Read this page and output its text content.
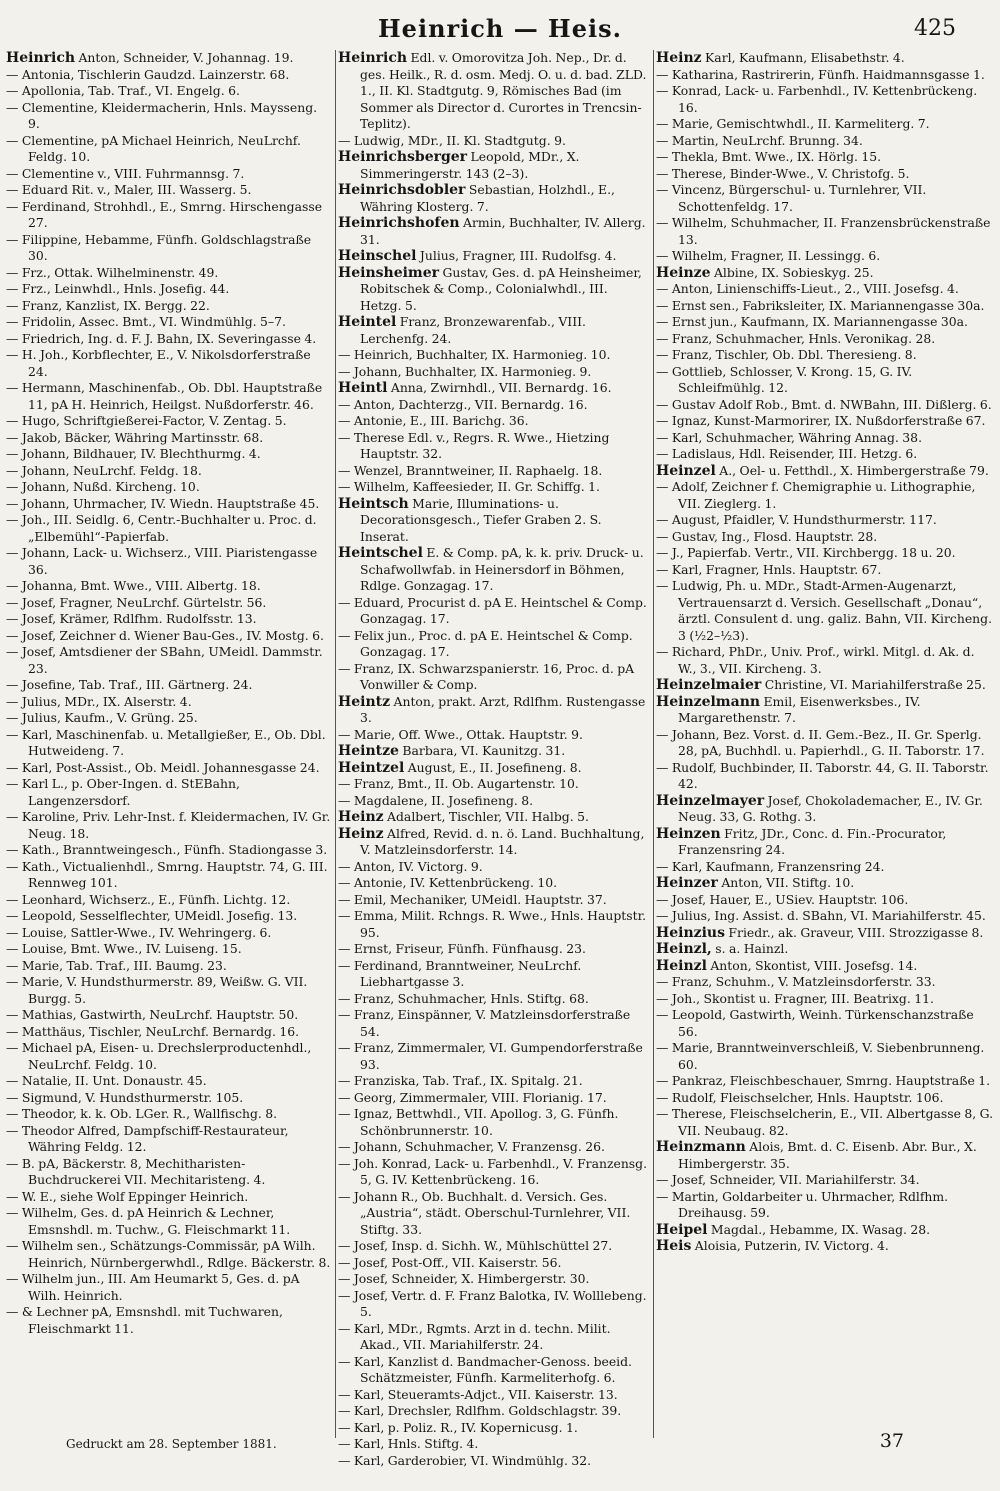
Heinrich — Heis.	425

Heinrich Anton, Schneider, V. Johannag. 19.

— Antonia, Tischlerin Gaudzd. Lainzerstr. 68.

— Apollonia, Tab. Traf., VI. Engelg. 6.

— Clementine, Kleidermacherin, Hnls. Maysseng. 9.

— Clementine, pA Michael Heinrich, NeuLrchf. Feldg. 10.

— Clementine v., VIII. Fuhrmannsg. 7.

— Eduard Rit. v., Maler, III. Wasserg. 5.

— Ferdinand, Strohhdl., E., Smrng. Hirschengasse 27.

— Filippine, Hebamme, Fünfh. Goldschlagstraße 30.

— Frz., Ottak. Wilhelminenstr. 49.

— Frz., Leinwhdl., Hnls. Josefig. 44.

— Franz, Kanzlist, IX. Bergg. 22.

— Fridolin, Assec. Bmt., VI. Windmühlg. 5–7.

— Friedrich, Ing. d. F. J. Bahn, IX. Severingasse 4.

— H. Joh., Korbflechter, E., V. Nikolsdorferstraße 24.

— Hermann, Maschinenfab., Ob. Dbl. Hauptstraße 11, pA H. Heinrich, Heilgst. Nußdorferstr. 46.

— Hugo, Schriftgießerei-Factor, V. Zentag. 5.

— Jakob, Bäcker, Währing Martinsstr. 68.

— Johann, Bildhauer, IV. Blechthurmg. 4.

— Johann, NeuLrchf. Feldg. 18.

— Johann, Nußd. Kircheng. 10.

— Johann, Uhrmacher, IV. Wiedn. Hauptstraße 45.

— Joh., III. Seidlg. 6, Centr.-Buchhalter u. Proc. d. „Elbemühl“-Papierfab.

— Johann, Lack- u. Wichserz., VIII. Piaristengasse 36.

— Johanna, Bmt. Wwe., VIII. Albertg. 18.

— Josef, Fragner, NeuLrchf. Gürtelstr. 56.

— Josef, Krämer, Rdlfhm. Rudolfsstr. 13.

— Josef, Zeichner d. Wiener Bau-Ges., IV. Mostg. 6.

— Josef, Amtsdiener der SBahn, UMeidl. Dammstr. 23.

— Josefine, Tab. Traf., III. Gärtnerg. 24.

— Julius, MDr., IX. Alserstr. 4.

— Julius, Kaufm., V. Grüng. 25.

— Karl, Maschinenfab. u. Metallgießer, E., Ob. Dbl. Hutweideng. 7.

— Karl, Post-Assist., Ob. Meidl. Johannesgasse 24.

— Karl L., p. Ober-Ingen. d. StEBahn, Langenzersdorf.

— Karoline, Priv. Lehr-Inst. f. Kleidermachen, IV. Gr. Neug. 18.

— Kath., Branntweingesch., Fünfh. Stadiongasse 3.

— Kath., Victualienhdl., Smrng. Hauptstr. 74, G. III. Rennweg 101.

— Leonhard, Wichserz., E., Fünfh. Lichtg. 12.

— Leopold, Sesselflechter, UMeidl. Josefig. 13.

— Louise, Sattler-Wwe., IV. Wehringerg. 6.

— Louise, Bmt. Wwe., IV. Luiseng. 15.

— Marie, Tab. Traf., III. Baumg. 23.

— Marie, V. Hundsthurmerstr. 89, Weißw. G. VII. Burgg. 5.

— Mathias, Gastwirth, NeuLrchf. Hauptstr. 50.

— Matthäus, Tischler, NeuLrchf. Bernardg. 16.

— Michael pA, Eisen- u. Drechslerproductenhdl., NeuLrchf. Feldg. 10.

— Natalie, II. Unt. Donaustr. 45.

— Sigmund, V. Hundsthurmerstr. 105.

— Theodor, k. k. Ob. LGer. R., Wallfischg. 8.

— Theodor Alfred, Dampfschiff-Restaurateur, Währing Feldg. 12.

— B. pA, Bäckerstr. 8, Mechitharisten-Buchdruckerei VII. Mechitaristeng. 4.

— W. E., siehe Wolf Eppinger Heinrich.

— Wilhelm, Ges. d. pA Heinrich & Lechner, Emsnshdl. m. Tuchw., G. Fleischmarkt 11.

— Wilhelm sen., Schätzungs-Commissär, pA Wilh. Heinrich, Nürnbergerwhdl., Rdlge. Bäckerstr. 8.

— Wilhelm jun., III. Am Heumarkt 5, Ges. d. pA Wilh. Heinrich.

— & Lechner pA, Emsnshdl. mit Tuchwaren, Fleischmarkt 11.

Heinrich Edl. v. Omorovitza Joh. Nep., Dr. d. ges. Heilk., R. d. osm. Medj. O. u. d. bad. ZLD. 1., II. Kl. Stadtgutg. 9, Römisches Bad (im Sommer als Director d. Curortes in Trencsin-Teplitz).

— Ludwig, MDr., II. Kl. Stadtgutg. 9.

Heinrichsberger Leopold, MDr., X. Simmeringerstr. 143 (2–3).

Heinrichsdobler Sebastian, Holzhdl., E., Währing Klosterg. 7.

Heinrichshofen Armin, Buchhalter, IV. Allerg. 31.

Heinschel Julius, Fragner, III. Rudolfsg. 4.

Heinsheimer Gustav, Ges. d. pA Heinsheimer, Robitschek & Comp., Colonialwhdl., III. Hetzg. 5.

Heintel Franz, Bronzewarenfab., VIII. Lerchenfg. 24.

— Heinrich, Buchhalter, IX. Harmonieg. 10.

— Johann, Buchhalter, IX. Harmonieg. 9.

Heintl Anna, Zwirnhdl., VII. Bernardg. 16.

— Anton, Dachterzg., VII. Bernardg. 16.

— Antonie, E., III. Barichg. 36.

— Therese Edl. v., Regrs. R. Wwe., Hietzing Hauptstr. 32.

— Wenzel, Branntweiner, II. Raphaelg. 18.

— Wilhelm, Kaffeesieder, II. Gr. Schiffg. 1.

Heintsch Marie, Illuminations- u. Decorationsgesch., Tiefer Graben 2. S. Inserat.

Heintschel E. & Comp. pA, k. k. priv. Druck- u. Schafwollwfab. in Heinersdorf in Böhmen, Rdlge. Gonzagag. 17.

— Eduard, Procurist d. pA E. Heintschel & Comp. Gonzagag. 17.

— Felix jun., Proc. d. pA E. Heintschel & Comp. Gonzagag. 17.

— Franz, IX. Schwarzspanierstr. 16, Proc. d. pA Vonwiller & Comp.

Heintz Anton, prakt. Arzt, Rdlfhm. Rustengasse 3.

— Marie, Off. Wwe., Ottak. Hauptstr. 9.

Heintze Barbara, VI. Kaunitzg. 31.

Heintzel August, E., II. Josefineng. 8.

— Franz, Bmt., II. Ob. Augartenstr. 10.

— Magdalene, II. Josefineng. 8.

Heinz Adalbert, Tischler, VII. Halbg. 5.

Heinz Alfred, Revid. d. n. ö. Land. Buchhaltung, V. Matzleinsdorferstr. 14.

— Anton, IV. Victorg. 9.

— Antonie, IV. Kettenbrückeng. 10.

— Emil, Mechaniker, UMeidl. Hauptstr. 37.

— Emma, Milit. Rchngs. R. Wwe., Hnls. Hauptstr. 95.

— Ernst, Friseur, Fünfh. Fünfhausg. 23.

— Ferdinand, Branntweiner, NeuLrchf. Liebhartgasse 3.

— Franz, Schuhmacher, Hnls. Stiftg. 68.

— Franz, Einspänner, V. Matzleinsdorferstraße 54.

— Franz, Zimmermaler, VI. Gumpendorferstraße 93.

— Franziska, Tab. Traf., IX. Spitalg. 21.

— Georg, Zimmermaler, VIII. Florianig. 17.

— Ignaz, Bettwhdl., VII. Apollog. 3, G. Fünfh. Schönbrunnerstr. 10.

— Johann, Schuhmacher, V. Franzensg. 26.

— Joh. Konrad, Lack- u. Farbenhdl., V. Franzensg. 5, G. IV. Kettenbrückeng. 16.

— Johann R., Ob. Buchhalt. d. Versich. Ges. „Austria“, städt. Oberschul-Turnlehrer, VII. Stiftg. 33.

— Josef, Insp. d. Sichh. W., Mühlschüttel 27.

— Josef, Post-Off., VII. Kaiserstr. 56.

— Josef, Schneider, X. Himbergerstr. 30.

— Josef, Vertr. d. F. Franz Balotka, IV. Wolllebeng. 5.

— Karl, MDr., Rgmts. Arzt in d. techn. Milit. Akad., VII. Mariahilferstr. 24.

— Karl, Kanzlist d. Bandmacher-Genoss. beeid. Schätzmeister, Fünfh. Karmeliterhofg. 6.

— Karl, Steueramts-Adjct., VII. Kaiserstr. 13.

— Karl, Drechsler, Rdlfhm. Goldschlagstr. 39.

— Karl, p. Poliz. R., IV. Kopernicusg. 1.

— Karl, Hnls. Stiftg. 4.

— Karl, Garderobier, VI. Windmühlg. 32.

Heinz Karl, Kaufmann, Elisabethstr. 4.

— Katharina, Rastrirerin, Fünfh. Haidmannsgasse 1.

— Konrad, Lack- u. Farbenhdl., IV. Kettenbrückeng. 16.

— Marie, Gemischtwhdl., II. Karmeliterg. 7.

— Martin, NeuLrchf. Brunng. 34.

— Thekla, Bmt. Wwe., IX. Hörlg. 15.

— Therese, Binder-Wwe., V. Christofg. 5.

— Vincenz, Bürgerschul- u. Turnlehrer, VII. Schottenfeldg. 17.

— Wilhelm, Schuhmacher, II. Franzensbrückenstraße 13.

— Wilhelm, Fragner, II. Lessingg. 6.

Heinze Albine, IX. Sobieskyg. 25.

— Anton, Linienschiffs-Lieut., 2., VIII. Josefsg. 4.

— Ernst sen., Fabriksleiter, IX. Mariannengasse 30a.

— Ernst jun., Kaufmann, IX. Mariannengasse 30a.

— Franz, Schuhmacher, Hnls. Veronikag. 28.

— Franz, Tischler, Ob. Dbl. Theresieng. 8.

— Gottlieb, Schlosser, V. Krong. 15, G. IV. Schleifmühlg. 12.

— Gustav Adolf Rob., Bmt. d. NWBahn, III. Dißlerg. 6.

— Ignaz, Kunst-Marmorirer, IX. Nußdorferstraße 67.

— Karl, Schuhmacher, Währing Annag. 38.

— Ladislaus, Hdl. Reisender, III. Hetzg. 6.

Heinzel A., Oel- u. Fetthdl., X. Himbergerstraße 79.

— Adolf, Zeichner f. Chemigraphie u. Lithographie, VII. Zieglerg. 1.

— August, Pfaidler, V. Hundsthurmerstr. 117.

— Gustav, Ing., Flosd. Hauptstr. 28.

— J., Papierfab. Vertr., VII. Kirchbergg. 18 u. 20.

— Karl, Fragner, Hnls. Hauptstr. 67.

— Ludwig, Ph. u. MDr., Stadt-Armen-Augenarzt, Vertrauensarzt d. Versich. Gesellschaft „Donau“, ärztl. Consulent d. ung. galiz. Bahn, VII. Kircheng. 3 (½2–½3).

— Richard, PhDr., Univ. Prof., wirkl. Mitgl. d. Ak. d. W., 3., VII. Kircheng. 3.

Heinzelmaier Christine, VI. Mariahilferstraße 25.

Heinzelmann Emil, Eisenwerksbes., IV. Margarethenstr. 7.

— Johann, Bez. Vorst. d. II. Gem.-Bez., II. Gr. Sperlg. 28, pA, Buchhdl. u. Papierhdl., G. II. Taborstr. 17.

— Rudolf, Buchbinder, II. Taborstr. 44, G. II. Taborstr. 42.

Heinzelmayer Josef, Chokolademacher, E., IV. Gr. Neug. 33, G. Rothg. 3.

Heinzen Fritz, JDr., Conc. d. Fin.-Procurator, Franzensring 24.

— Karl, Kaufmann, Franzensring 24.

Heinzer Anton, VII. Stiftg. 10.

— Josef, Hauer, E., USiev. Hauptstr. 106.

— Julius, Ing. Assist. d. SBahn, VI. Mariahilferstr. 45.

Heinzius Friedr., ak. Graveur, VIII. Strozzigasse 8.

Heinzl, s. a. Hainzl.

Heinzl Anton, Skontist, VIII. Josefsg. 14.

— Franz, Schuhm., V. Matzleinsdorferstr. 33.

— Joh., Skontist u. Fragner, III. Beatrixg. 11.

— Leopold, Gastwirth, Weinh. Türkenschanzstraße 56.

— Marie, Branntweinverschleiß, V. Siebenbrunneng. 60.

— Pankraz, Fleischbeschauer, Smrng. Hauptstraße 1.

— Rudolf, Fleischselcher, Hnls. Hauptstr. 106.

— Therese, Fleischselcherin, E., VII. Albertgasse 8, G. VII. Neubaug. 82.

Heinzmann Alois, Bmt. d. C. Eisenb. Abr. Bur., X. Himbergerstr. 35.

— Josef, Schneider, VII. Mariahilferstr. 34.

— Martin, Goldarbeiter u. Uhrmacher, Rdlfhm. Dreihausg. 59.

Heipel Magdal., Hebamme, IX. Wasag. 28.

Heis Aloisia, Putzerin, IV. Victorg. 4.

Gedruckt am 28. September 1881.	37
